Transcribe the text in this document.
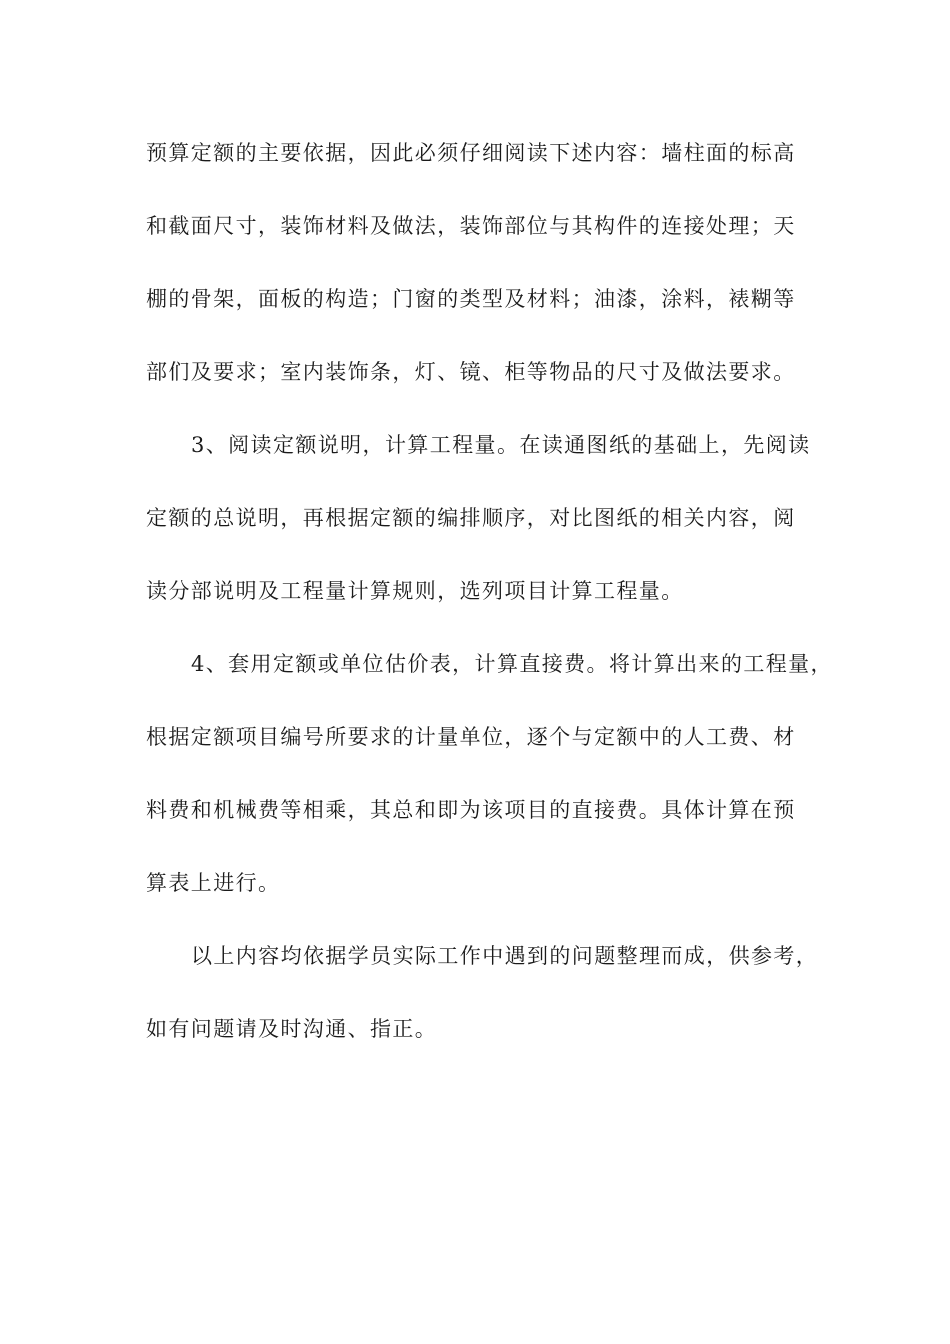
预算定额的主要依据，因此必须仔细阅读下述内容：墙柱面的标高
和截面尺寸，装饰材料及做法，装饰部位与其构件的连接处理；天
棚的骨架，面板的构造；门窗的类型及材料；油漆，涂料，裱糊等
部们及要求；室内装饰条，灯、镜、柜等物品的尺寸及做法要求。
3、阅读定额说明，计算工程量。在读通图纸的基础上，先阅读
定额的总说明，再根据定额的编排顺序，对比图纸的相关内容，阅
读分部说明及工程量计算规则，选列项目计算工程量。
4、套用定额或单位估价表，计算直接费。将计算出来的工程量，
根据定额项目编号所要求的计量单位，逐个与定额中的人工费、材
料费和机械费等相乘，其总和即为该项目的直接费。具体计算在预
算表上进行。
以上内容均依据学员实际工作中遇到的问题整理而成，供参考，
如有问题请及时沟通、指正。
